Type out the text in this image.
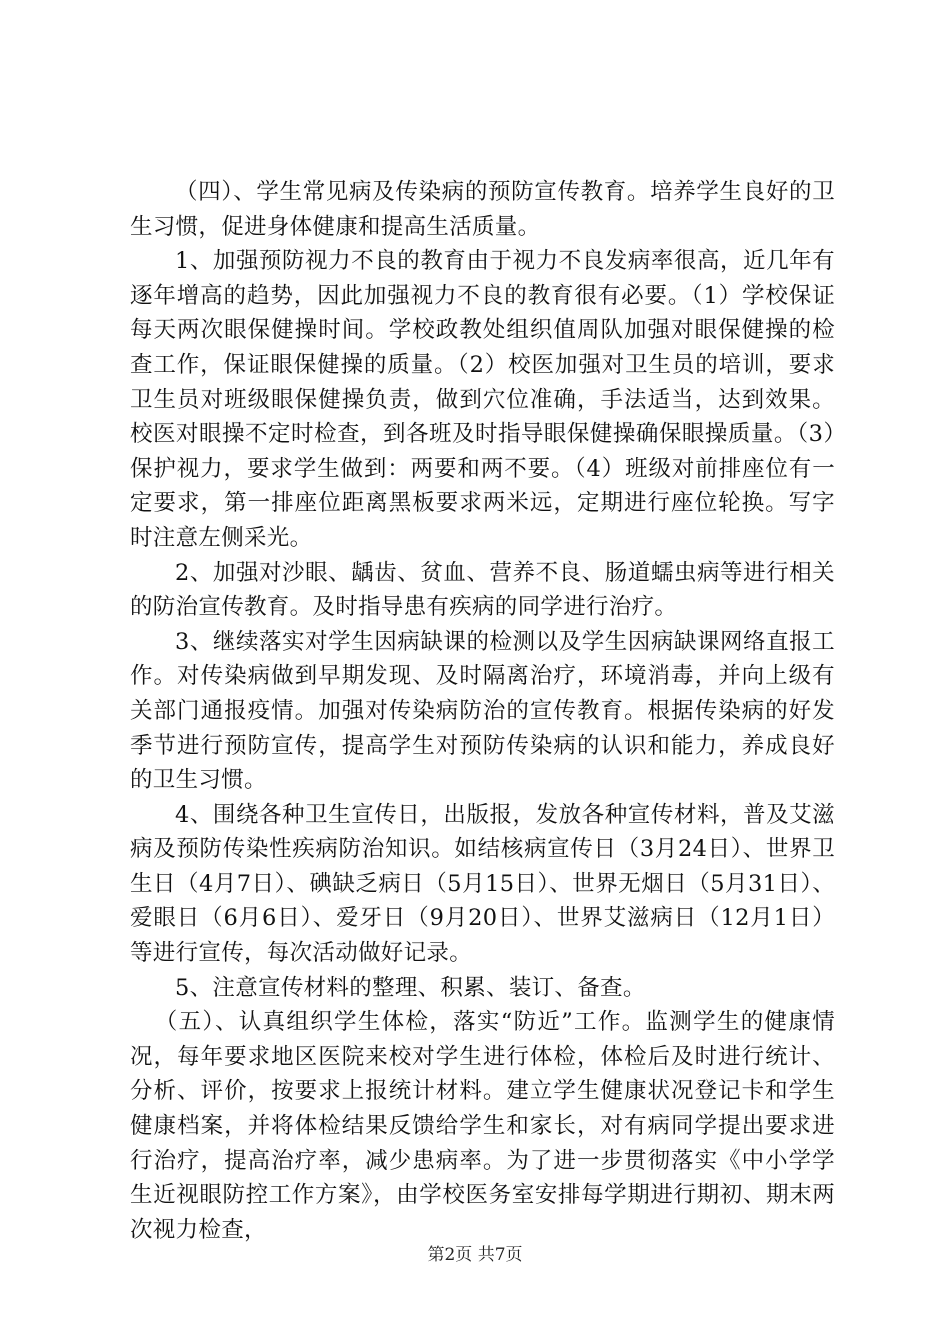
（四）、学生常见病及传染病的预防宣传教育。培养学生良好的卫生习惯，促进身体健康和提高生活质量。

1、加强预防视力不良的教育由于视力不良发病率很高，近几年有逐年增高的趋势，因此加强视力不良的教育很有必要。（1）学校保证每天两次眼保健操时间。学校政教处组织值周队加强对眼保健操的检查工作，保证眼保健操的质量。（2）校医加强对卫生员的培训，要求卫生员对班级眼保健操负责，做到穴位准确，手法适当，达到效果。校医对眼操不定时检查，到各班及时指导眼保健操确保眼操质量。（3）保护视力，要求学生做到：两要和两不要。（4）班级对前排座位有一定要求，第一排座位距离黑板要求两米远，定期进行座位轮换。写字时注意左侧采光。

2、加强对沙眼、龋齿、贫血、营养不良、肠道蠕虫病等进行相关的防治宣传教育。及时指导患有疾病的同学进行治疗。

3、继续落实对学生因病缺课的检测以及学生因病缺课网络直报工作。对传染病做到早期发现、及时隔离治疗，环境消毒，并向上级有关部门通报疫情。加强对传染病防治的宣传教育。根据传染病的好发季节进行预防宣传，提高学生对预防传染病的认识和能力，养成良好的卫生习惯。

4、围绕各种卫生宣传日，出版报，发放各种宣传材料，普及艾滋病及预防传染性疾病防治知识。如结核病宣传日（3月24日）、世界卫生日（4月7日）、碘缺乏病日（5月15日）、世界无烟日（5月31日）、爱眼日（6月6日）、爱牙日（9月20日）、世界艾滋病日（12月1日）等进行宣传，每次活动做好记录。

5、注意宣传材料的整理、积累、装订、备查。

（五）、认真组织学生体检，落实“防近”工作。监测学生的健康情况，每年要求地区医院来校对学生进行体检，体检后及时进行统计、分析、评价，按要求上报统计材料。建立学生健康状况登记卡和学生健康档案，并将体检结果反馈给学生和家长，对有病同学提出要求进行治疗，提高治疗率，减少患病率。为了进一步贯彻落实《中小学学生近视眼防控工作方案》，由学校医务室安排每学期进行期初、期末两次视力检查，

第2页 共7页
